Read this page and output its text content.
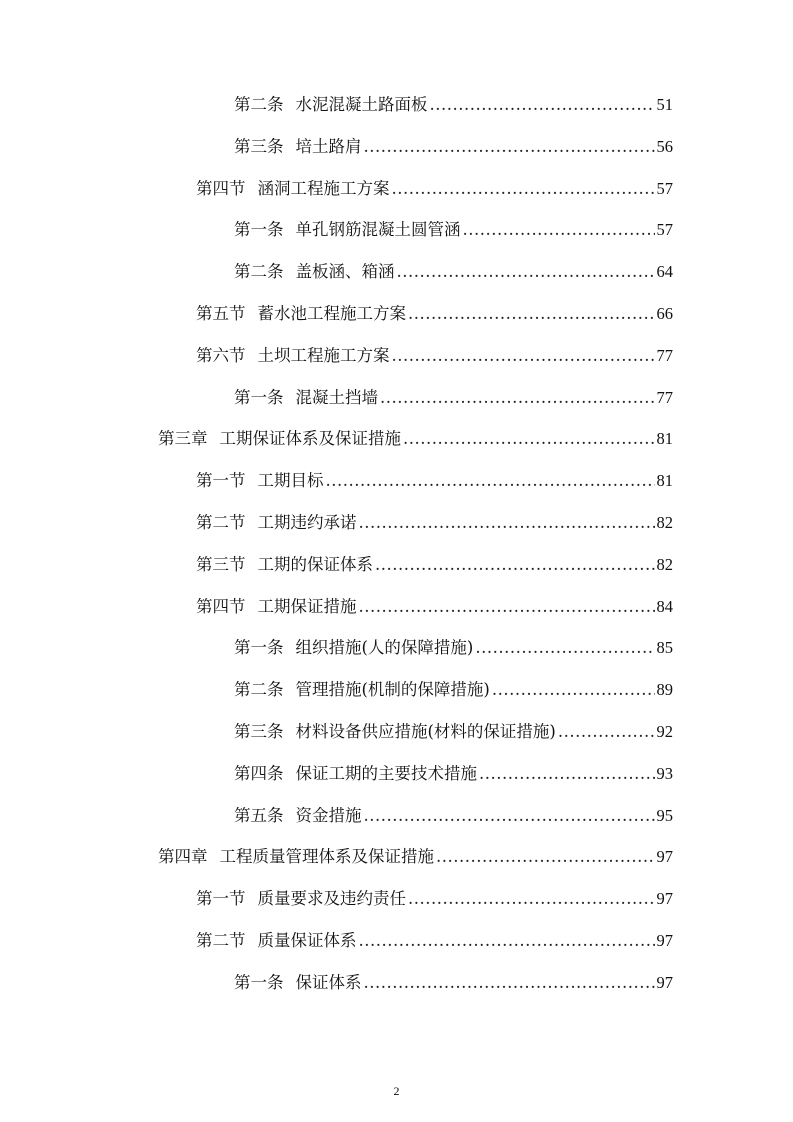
第二条 水泥混凝土路面板 .....	51
第三条 培土路肩 .....	56
第四节 涵洞工程施工方案 .....	57
第一条 单孔钢筋混凝土圆管涵 .....	57
第二条 盖板涵、箱涵 .....	64
第五节 蓄水池工程施工方案 .....	66
第六节 土坝工程施工方案 .....	77
第一条 混凝土挡墙 .....	77
第三章 工期保证体系及保证措施 .....	81
第一节 工期目标 .....	81
第二节 工期违约承诺 .....	82
第三节 工期的保证体系 .....	82
第四节 工期保证措施 .....	84
第一条 组织措施(人的保障措施) .....	85
第二条 管理措施(机制的保障措施) .....	89
第三条 材料设备供应措施(材料的保证措施) .....	92
第四条 保证工期的主要技术措施 .....	93
第五条 资金措施 .....	95
第四章 工程质量管理体系及保证措施 .....	97
第一节 质量要求及违约责任 .....	97
第二节 质量保证体系 .....	97
第一条 保证体系 .....	97
2
